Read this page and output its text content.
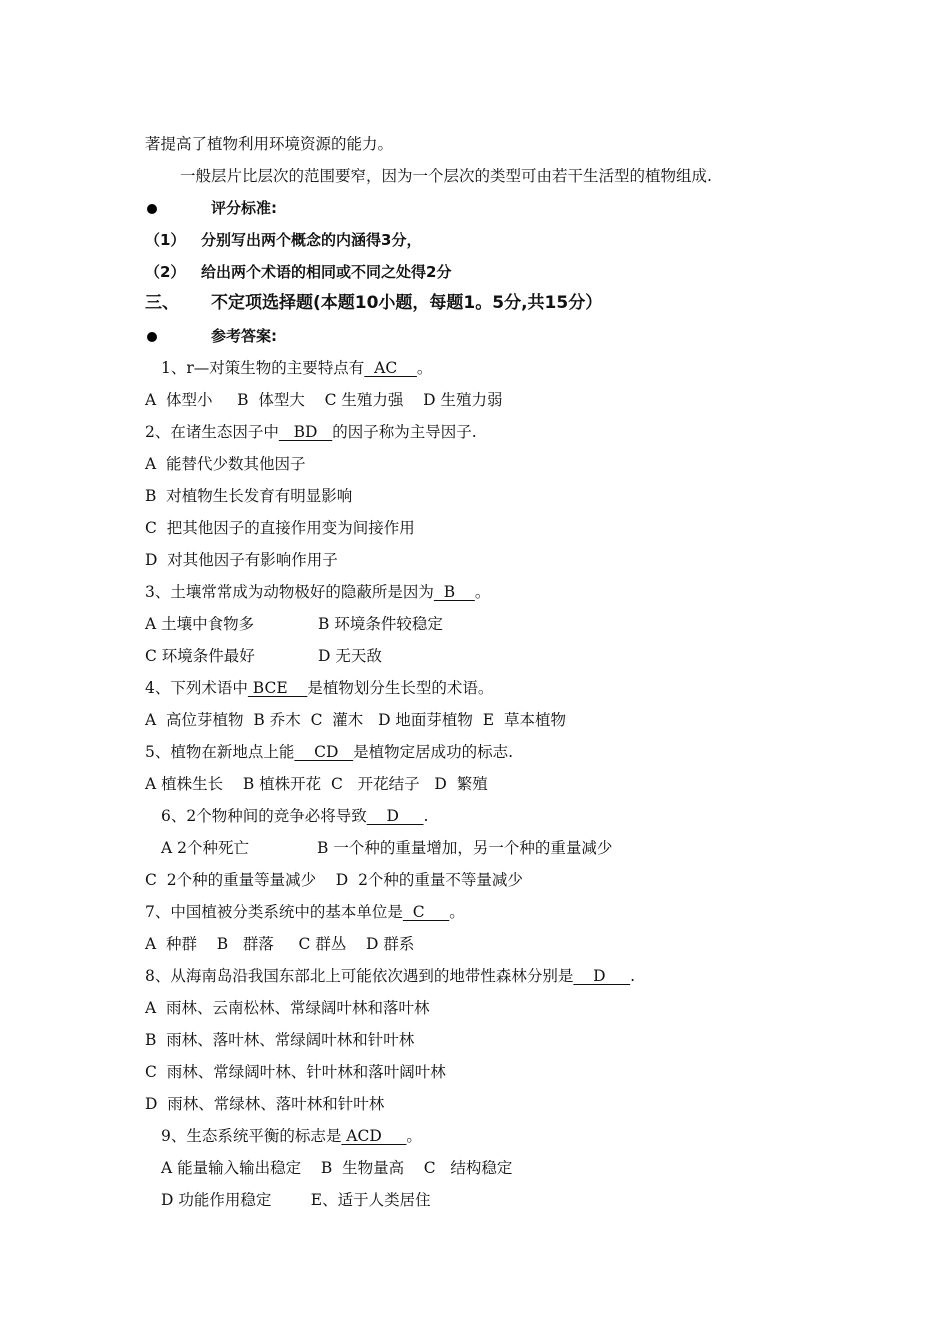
著提高了植物利用环境资源的能力。
一般层片比层次的范围要窄，因为一个层次的类型可由若干生活型的植物组成.
评分标准:
（1） 分别写出两个概念的内涵得3分，
（2） 给出两个术语的相同或不同之处得2分
三、 不定项选择题(本题10小题，每题1。5分,共15分）
参考答案:
1、r—对策生物的主要特点有  AC    。
A  体型小     B  体型大    C 生殖力强    D 生殖力弱
2、在诸生态因子中   BD   的因子称为主导因子.
A  能替代少数其他因子
B  对植物生长发育有明显影响
C  把其他因子的直接作用变为间接作用
D  对其他因子有影响作用子
3、土壤常常成为动物极好的隐蔽所是因为  B    。
A 土壤中食物多	B 环境条件较稳定
C 环境条件最好	D 无天敌
4、下列术语中 BCE    是植物划分生长型的术语。
A  高位芽植物  B 乔木  C  灌木   D 地面芽植物  E  草本植物
5、植物在新地点上能    CD   是植物定居成功的标志.
A 植株生长    B 植株开花  C   开花结子   D  繁殖
6、2个物种间的竞争必将导致    D     .
A 2个种死亡	B 一个种的重量增加，另一个种的重量减少
C  2个种的重量等量减少    D  2个种的重量不等量减少
7、中国植被分类系统中的基本单位是  C     。
A  种群    B   群落     C 群丛    D 群系
8、从海南岛沿我国东部北上可能依次遇到的地带性森林分别是    D     .
A  雨林、云南松林、常绿阔叶林和落叶林
B  雨林、落叶林、常绿阔叶林和针叶林
C  雨林、常绿阔叶林、针叶林和落叶阔叶林
D  雨林、常绿林、落叶林和针叶林
9、生态系统平衡的标志是 ACD     。
A 能量输入输出稳定    B  生物量高    C   结构稳定
D 功能作用稳定        E、适于人类居住
